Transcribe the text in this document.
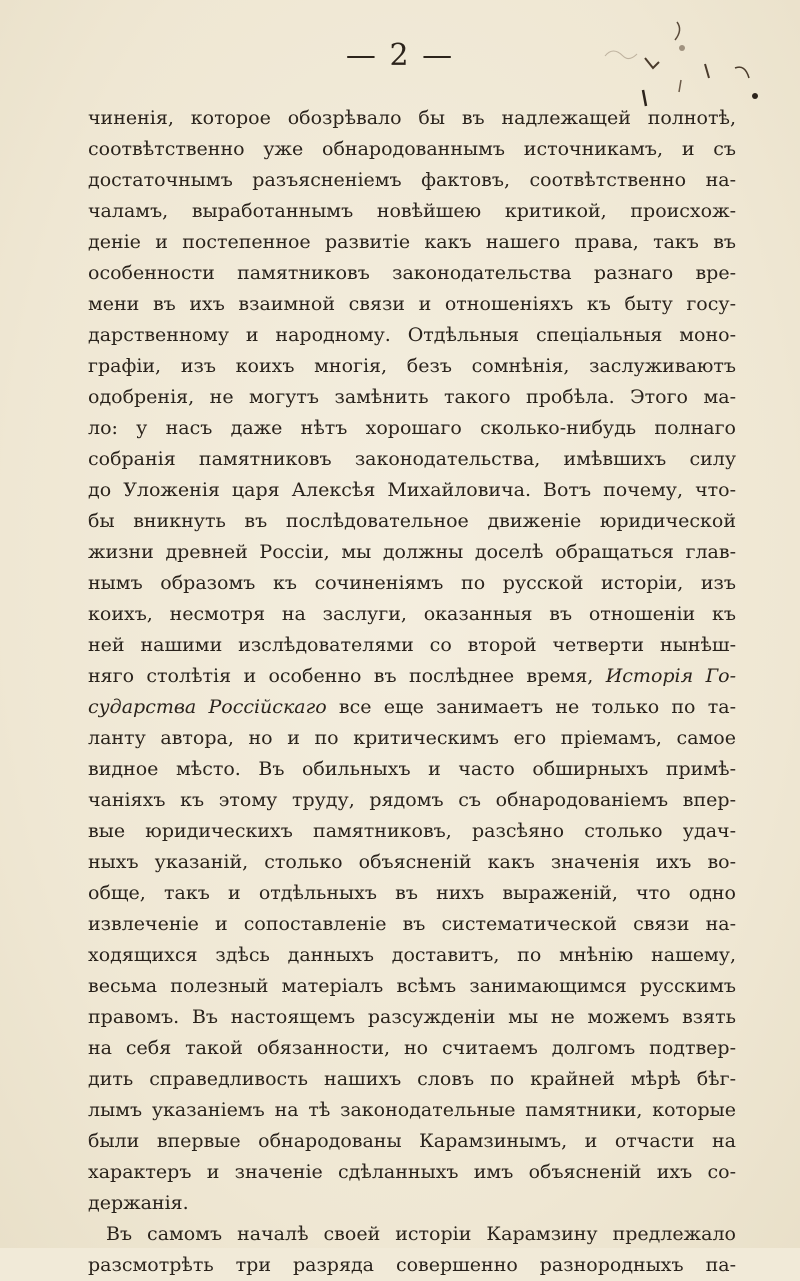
— 2 —
чиненія, которое обозрѣвало бы въ надлежащей полнотѣ,
соотвѣтственно уже обнародованнымъ источникамъ, и съ
достаточнымъ разъясненіемъ фактовъ, соотвѣтственно на-
чаламъ, выработаннымъ новѣйшею критикой, происхож-
деніе и постепенное развитіе какъ нашего права, такъ въ
особенности памятниковъ законодательства разнаго вре-
мени въ ихъ взаимной связи и отношеніяхъ къ быту госу-
дарственному и народному. Отдѣльныя спеціальныя моно-
графіи, изъ коихъ многія, безъ сомнѣнія, заслуживаютъ
одобренія, не могутъ замѣнить такого пробѣла. Этого ма-
ло: у насъ даже нѣтъ хорошаго сколько-нибудь полнаго
собранія памятниковъ законодательства, имѣвшихъ силу
до Уложенія царя Алексѣя Михайловича. Вотъ почему, что-
бы вникнуть въ послѣдовательное движеніе юридической
жизни древней Россіи, мы должны доселѣ обращаться глав-
нымъ образомъ къ сочиненіямъ по русской исторіи, изъ
коихъ, несмотря на заслуги, оказанныя въ отношеніи къ
ней нашими изслѣдователями со второй четверти нынѣш-
няго столѣтія и особенно въ послѣднее время, Исторія Го-
сударства Россійскаго все еще занимаетъ не только по та-
ланту автора, но и по критическимъ его пріемамъ, самое
видное мѣсто. Въ обильныхъ и часто обширныхъ примѣ-
чаніяхъ къ этому труду, рядомъ съ обнародованіемъ впер-
вые юридическихъ памятниковъ, разсѣяно столько удач-
ныхъ указаній, столько объясненій какъ значенія ихъ во-
обще, такъ и отдѣльныхъ въ нихъ выраженій, что одно
извлеченіе и сопоставленіе въ систематической связи на-
ходящихся здѣсь данныхъ доставитъ, по мнѣнію нашему,
весьма полезный матеріалъ всѣмъ занимающимся русскимъ
правомъ. Въ настоящемъ разсужденіи мы не можемъ взять
на себя такой обязанности, но считаемъ долгомъ подтвер-
дить справедливость нашихъ словъ по крайней мѣрѣ бѣг-
лымъ указаніемъ на тѣ законодательные памятники, которые
были впервые обнародованы Карамзинымъ, и отчасти на
характеръ и значеніе сдѣланныхъ имъ объясненій ихъ со-
держанія.
Въ самомъ началѣ своей исторіи Карамзину предлежало
разсмотрѣть три разряда совершенно разнородныхъ па-
